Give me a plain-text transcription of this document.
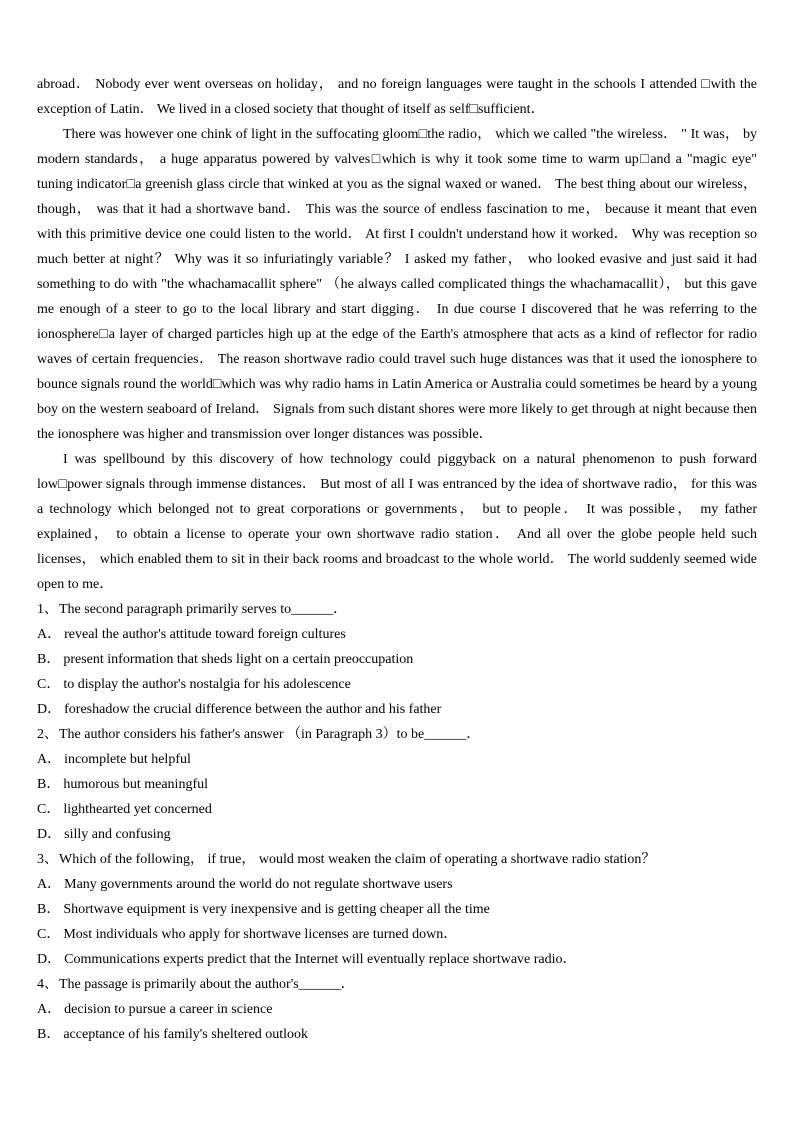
abroad． Nobody ever went overseas on holiday， and no foreign languages were taught in the schools I attended □with the exception of Latin． We lived in a closed society that thought of itself as self□sufficient．

There was however one chink of light in the suffocating gloom□the radio， which we called "the wireless． " It was， by modern standards， a huge apparatus powered by valves□which is why it took some time to warm up□and a "magic eye" tuning indicator□a greenish glass circle that winked at you as the signal waxed or waned． The best thing about our wireless， though， was that it had a shortwave band． This was the source of endless fascination to me， because it meant that even with this primitive device one could listen to the world． At first I couldn't understand how it worked． Why was reception so much better at night？ Why was it so infuriatingly variable？ I asked my father， who looked evasive and just said it had something to do with "the whachamacallit sphere" （he always called complicated things the whachamacallit）， but this gave me enough of a steer to go to the local library and start digging． In due course I discovered that he was referring to the ionosphere□a layer of charged particles high up at the edge of the Earth's atmosphere that acts as a kind of reflector for radio waves of certain frequencies． The reason shortwave radio could travel such huge distances was that it used the ionosphere to bounce signals round the world□which was why radio hams in Latin America or Australia could sometimes be heard by a young boy on the western seaboard of Ireland． Signals from such distant shores were more likely to get through at night because then the ionosphere was higher and transmission over longer distances was possible．

I was spellbound by this discovery of how technology could piggyback on a natural phenomenon to push forward low□power signals through immense distances． But most of all I was entranced by the idea of shortwave radio， for this was a technology which belonged not to great corporations or governments， but to people． It was possible， my father explained， to obtain a license to operate your own shortwave radio station． And all over the globe people held such licenses， which enabled them to sit in their back rooms and broadcast to the whole world． The world suddenly seemed wide open to me．

1、The second paragraph primarily serves to______．

A． reveal the author's attitude toward foreign cultures

B． present information that sheds light on a certain preoccupation

C． to display the author's nostalgia for his adolescence

D． foreshadow the crucial difference between the author and his father

2、The author considers his father's answer （in Paragraph 3）to be______．

A． incomplete but helpful

B． humorous but meaningful

C． lighthearted yet concerned

D． silly and confusing

3、Which of the following， if true， would most weaken the claim of operating a shortwave radio station？

A． Many governments around the world do not regulate shortwave users

B． Shortwave equipment is very inexpensive and is getting cheaper all the time

C． Most individuals who apply for shortwave licenses are turned down．

D． Communications experts predict that the Internet will eventually replace shortwave radio．

4、The passage is primarily about the author's______．

A． decision to pursue a career in science

B． acceptance of his family's sheltered outlook
